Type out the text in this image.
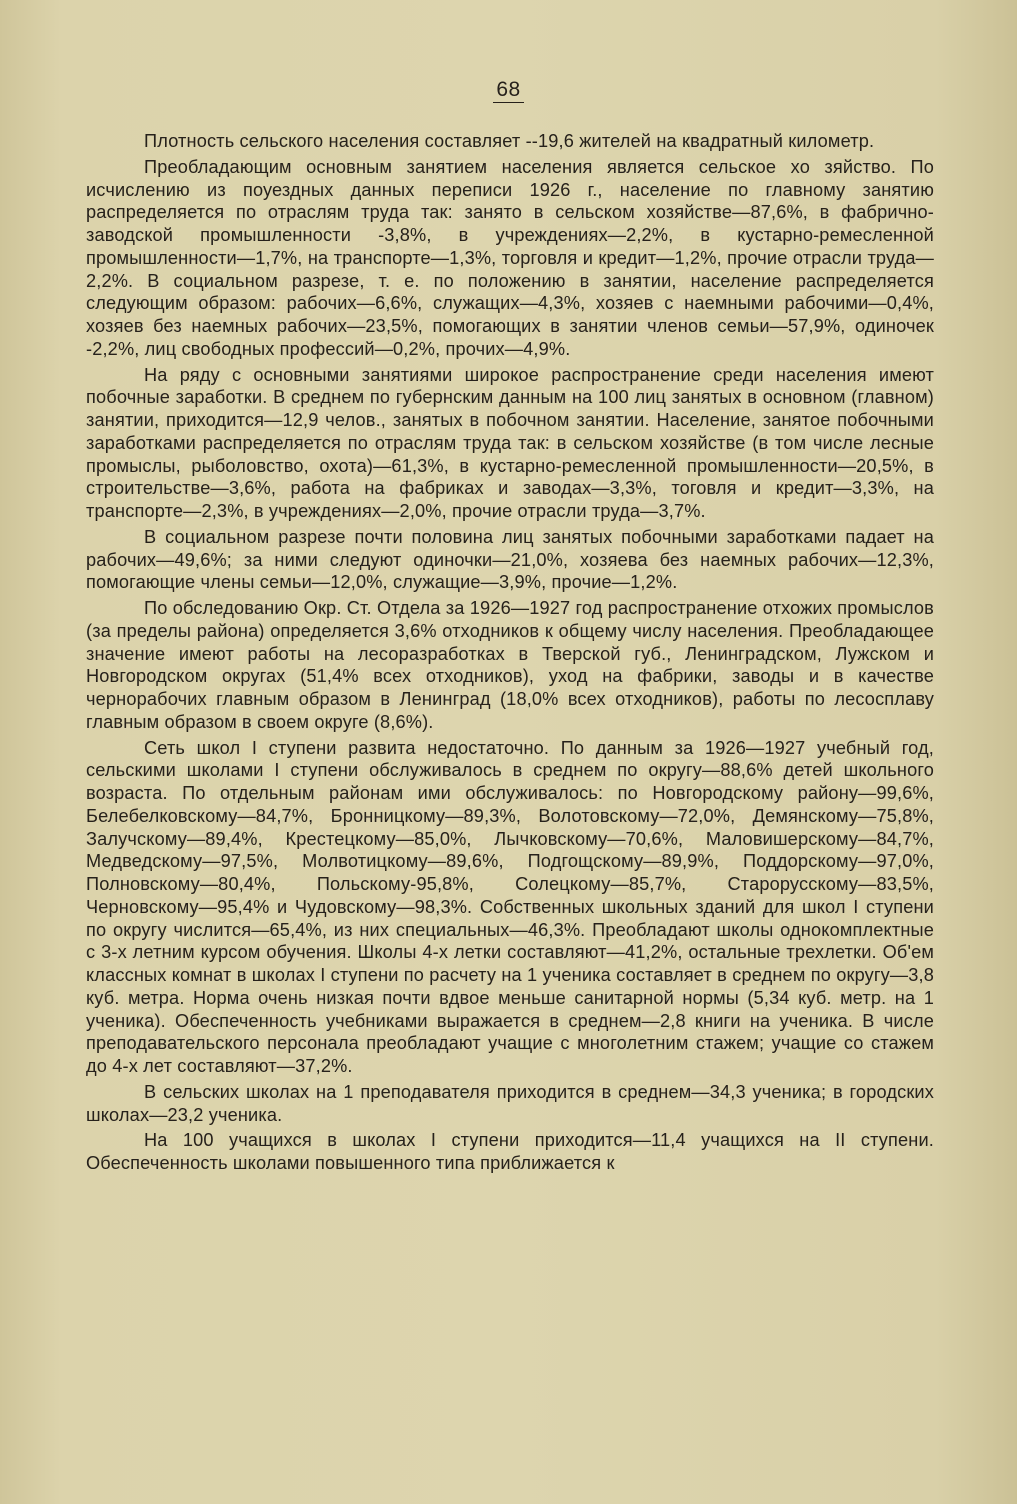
68

Плотность сельского населения составляет --19,6 жителей на квадратный километр.

Преобладающим основным занятием населения является сельское хо зяйство. По исчислению из поуездных данных переписи 1926 г., население по главному занятию распределяется по отраслям труда так: занято в сельском хозяйстве—87,6%, в фабрично-заводской промышленности -3,8%, в учреждениях—2,2%, в кустарно-ремесленной промышленности—1,7%, на транспорте—1,3%, торговля и кредит—1,2%, прочие отрасли труда—2,2%. В социальном разрезе, т. е. по положению в занятии, население распределяется следующим образом: рабочих—6,6%, служащих—4,3%, хозяев с наемными рабочими—0,4%, хозяев без наемных рабочих—23,5%, помогающих в занятии членов семьи—57,9%, одиночек -2,2%, лиц свободных профессий—0,2%, прочих—4,9%.

На ряду с основными занятиями широкое распространение среди населения имеют побочные заработки. В среднем по губернским данным на 100 лиц занятых в основном (главном) занятии, приходится—12,9 челов., занятых в побочном занятии. Население, занятое побочными заработками распределяется по отраслям труда так: в сельском хозяйстве (в том числе лесные промыслы, рыболовство, охота)—61,3%, в кустарно-ремесленной промышленности—20,5%, в строительстве—3,6%, работа на фабриках и заводах—3,3%, тоговля и кредит—3,3%, на транспорте—2,3%, в учреждениях—2,0%, прочие отрасли труда—3,7%.

В социальном разрезе почти половина лиц занятых побочными заработками падает на рабочих—49,6%; за ними следуют одиночки—21,0%, хозяева без наемных рабочих—12,3%, помогающие члены семьи—12,0%, служащие—3,9%, прочие—1,2%.

По обследованию Окр. Ст. Отдела за 1926—1927 год распространение отхожих промыслов (за пределы района) определяется 3,6% отходников к общему числу населения. Преобладающее значение имеют работы на лесоразработках в Тверской губ., Ленинградском, Лужском и Новгородском округах (51,4% всех отходников), уход на фабрики, заводы и в качестве чернорабочих главным образом в Ленинград (18,0% всех отходников), работы по лесосплаву главным образом в своем округе (8,6%).

Сеть школ I ступени развита недостаточно. По данным за 1926—1927 учебный год, сельскими школами I ступени обслуживалось в среднем по округу—88,6% детей школьного возраста. По отдельным районам ими обслуживалось: по Новгородскому району—99,6%, Белебелковскому—84,7%, Бронницкому—89,3%, Волотовскому—72,0%, Демянскому—75,8%, Залучскому—89,4%, Крестецкому—85,0%, Лычковскому—70,6%, Маловишерскому—84,7%, Медведскому—97,5%, Молвотицкому—89,6%, Подгощскому—89,9%, Поддорскому—97,0%, Полновскому—80,4%, Польскому-95,8%, Солецкому—85,7%, Старорусскому—83,5%, Черновскому—95,4% и Чудовскому—98,3%. Собственных школьных зданий для школ I ступени по округу числится—65,4%, из них специальных—46,3%. Преобладают школы однокомплектные с 3-х летним курсом обучения. Школы 4-х летки составляют—41,2%, остальные трехлетки. Об'ем классных комнат в школах I ступени по расчету на 1 ученика составляет в среднем по округу—3,8 куб. метра. Норма очень низкая почти вдвое меньше санитарной нормы (5,34 куб. метр. на 1 ученика). Обеспеченность учебниками выражается в среднем—2,8 книги на ученика. В числе преподавательского персонала преобладают учащие с многолетним стажем; учащие со стажем до 4-х лет составляют—37,2%.

В сельских школах на 1 преподавателя приходится в среднем—34,3 ученика; в городских школах—23,2 ученика.

На 100 учащихся в школах I ступени приходится—11,4 учащихся на II ступени. Обеспеченность школами повышенного типа приближается к
